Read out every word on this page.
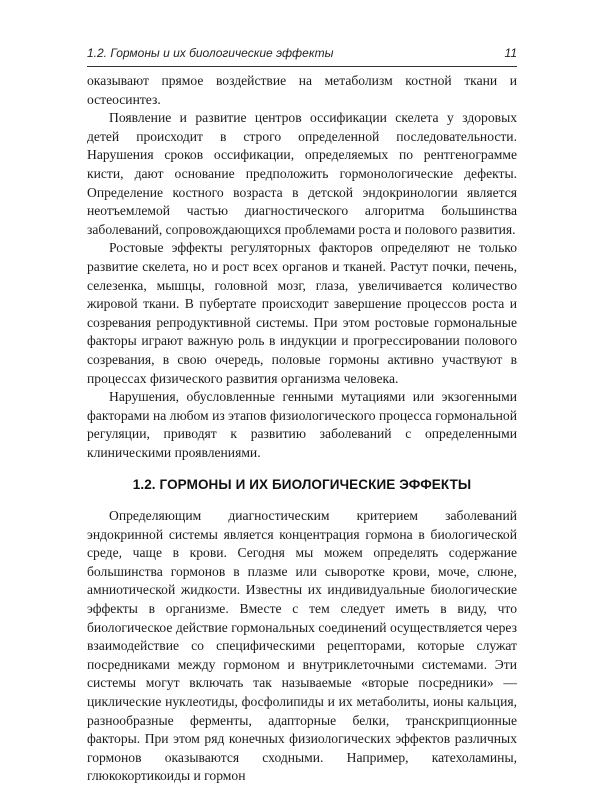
1.2. Гормоны и их биологические эффекты	11

оказывают прямое воздействие на метаболизм костной ткани и остеосинтез.

Появление и развитие центров оссификации скелета у здоровых детей происходит в строго определенной последовательности. Нарушения сроков оссификации, определяемых по рентгенограмме кисти, дают основание предположить гормонологические дефекты. Определение костного возраста в детской эндокринологии является неотъемлемой частью диагностического алгоритма большинства заболеваний, сопровождающихся проблемами роста и полового развития.

Ростовые эффекты регуляторных факторов определяют не только развитие скелета, но и рост всех органов и тканей. Растут почки, печень, селезенка, мышцы, головной мозг, глаза, увеличивается количество жировой ткани. В пубертате происходит завершение процессов роста и созревания репродуктивной системы. При этом ростовые гормональные факторы играют важную роль в индукции и прогрессировании полового созревания, в свою очередь, половые гормоны активно участвуют в процессах физического развития организма человека.

Нарушения, обусловленные генными мутациями или экзогенными факторами на любом из этапов физиологического процесса гормональной регуляции, приводят к развитию заболеваний с определенными клиническими проявлениями.

1.2. ГОРМОНЫ И ИХ БИОЛОГИЧЕСКИЕ ЭФФЕКТЫ

Определяющим диагностическим критерием заболеваний эндокринной системы является концентрация гормона в биологической среде, чаще в крови. Сегодня мы можем определять содержание большинства гормонов в плазме или сыворотке крови, моче, слюне, амниотической жидкости. Известны их индивидуальные биологические эффекты в организме. Вместе с тем следует иметь в виду, что биологическое действие гормональных соединений осуществляется через взаимодействие со специфическими рецепторами, которые служат посредниками между гормоном и внутриклеточными системами. Эти системы могут включать так называемые «вторые посредники» — циклические нуклеотиды, фосфолипиды и их метаболиты, ионы кальция, разнообразные ферменты, адапторные белки, транскрипционные факторы. При этом ряд конечных физиологических эффектов различных гормонов оказываются сходными. Например, катехоламины, глюкокортикоиды и гормон
